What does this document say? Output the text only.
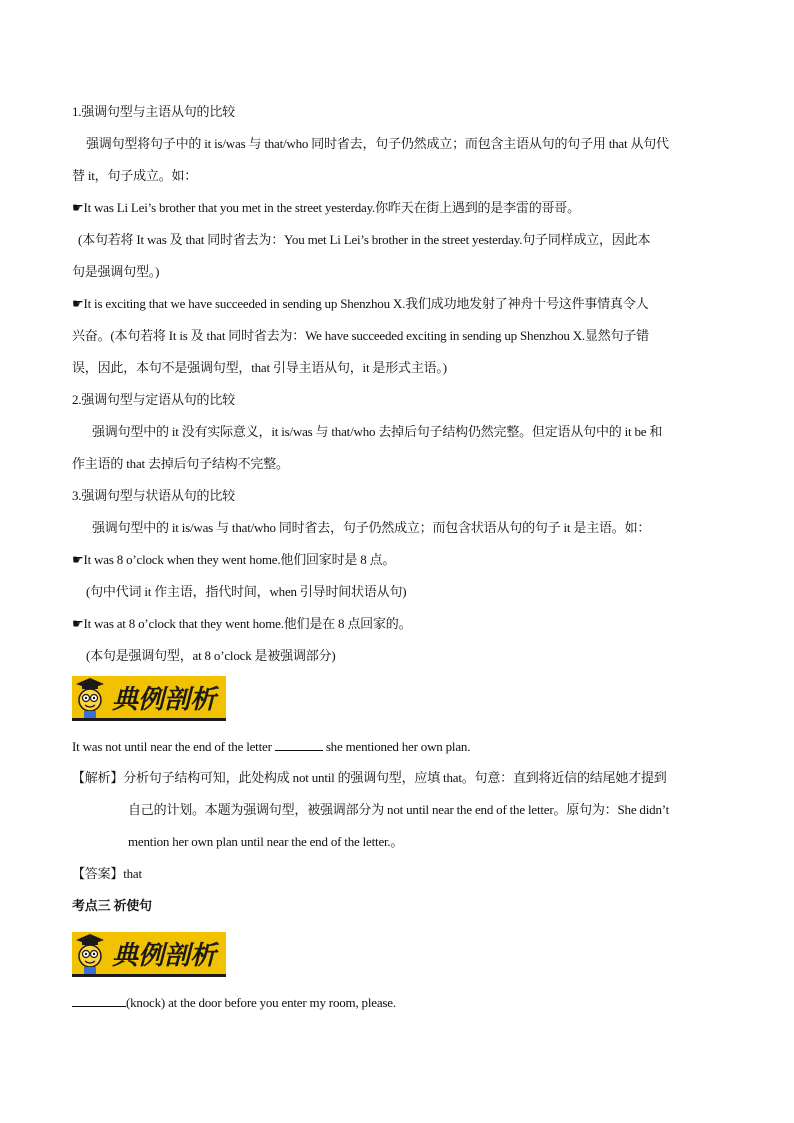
1.强调句型与主语从句的比较
强调句型将句子中的 it is/was 与 that/who 同时省去，句子仍然成立；而包含主语从句的句子用 that 从句代
替 it，句子成立。如：
☛It was Li Lei’s brother that you met in the street yesterday.你昨天在街上遇到的是李雷的哥哥。
(本句若将 It was 及 that 同时省去为：You met Li Lei’s brother in the street yesterday.句子同样成立，因此本
句是强调句型。)
☛It is exciting that we have succeeded in sending up Shenzhou X.我们成功地发射了神舟十号这件事情真令人
兴奋。(本句若将 It is 及 that 同时省去为：We have succeeded exciting in sending up Shenzhou X.显然句子错
误，因此，本句不是强调句型，that 引导主语从句，it 是形式主语。)
2.强调句型与定语从句的比较
强调句型中的 it 没有实际意义，it is/was 与 that/who 去掉后句子结构仍然完整。但定语从句中的 it be 和
作主语的 that 去掉后句子结构不完整。
3.强调句型与状语从句的比较
强调句型中的 it is/was 与 that/who 同时省去，句子仍然成立；而包含状语从句的句子 it 是主语。如：
☛It was 8 o’clock when they went home.他们回家时是 8 点。
(句中代词 it 作主语，指代时间，when 引导时间状语从句)
☛It was at 8 o’clock that they went home.他们是在 8 点回家的。
(本句是强调句型，at 8 o’clock 是被强调部分)
典例剖析
It was not until near the end of the letter	she mentioned her own plan.
【解析】分析句子结构可知，此处构成 not until 的强调句型，应填 that。句意：直到将近信的结尾她才提到
自己的计划。本题为强调句型，被强调部分为 not until near the end of the letter。原句为：She didn’t
mention her own plan until near the end of the letter.。
【答案】that
考点三 祈使句
典例剖析
(knock) at the door before you enter my room, please.
